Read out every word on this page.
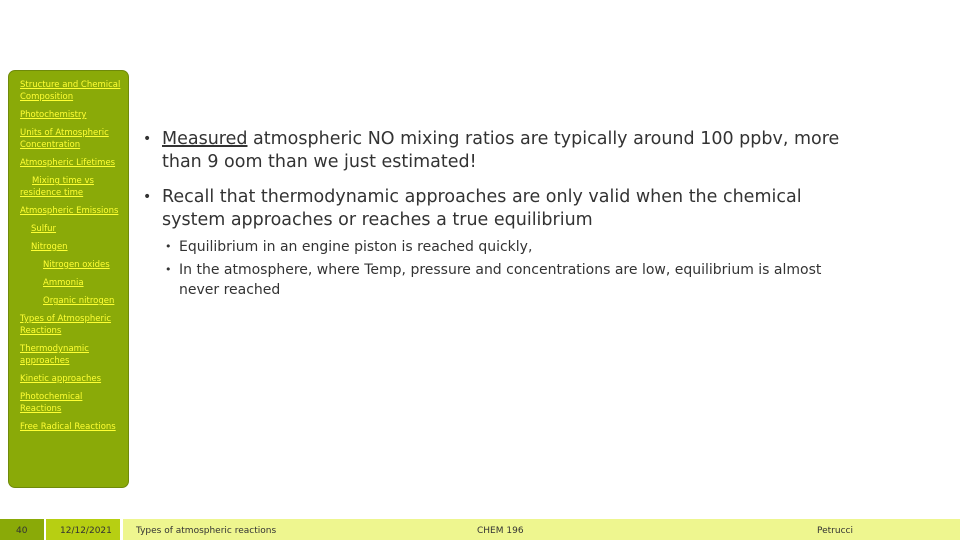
Structure and Chemical Composition
Photochemistry
Units of Atmospheric Concentration
Atmospheric Lifetimes
Mixing time vs residence time
Atmospheric Emissions
Sulfur
Nitrogen
Nitrogen oxides
Ammonia
Organic nitrogen
Types of Atmospheric Reactions
Thermodynamic approaches
Kinetic approaches
Photochemical Reactions
Free Radical Reactions
• Measured atmospheric NO mixing ratios are typically around 100 ppbv, more than 9 oom than we just estimated!
• Recall that thermodynamic approaches are only valid when the chemical system approaches or reaches a true equilibrium
• Equilibrium in an engine piston is reached quickly,
• In the atmosphere, where Temp, pressure and concentrations are low, equilibrium is almost never reached
40	12/12/2021	Types of atmospheric reactions	CHEM 196	Petrucci
